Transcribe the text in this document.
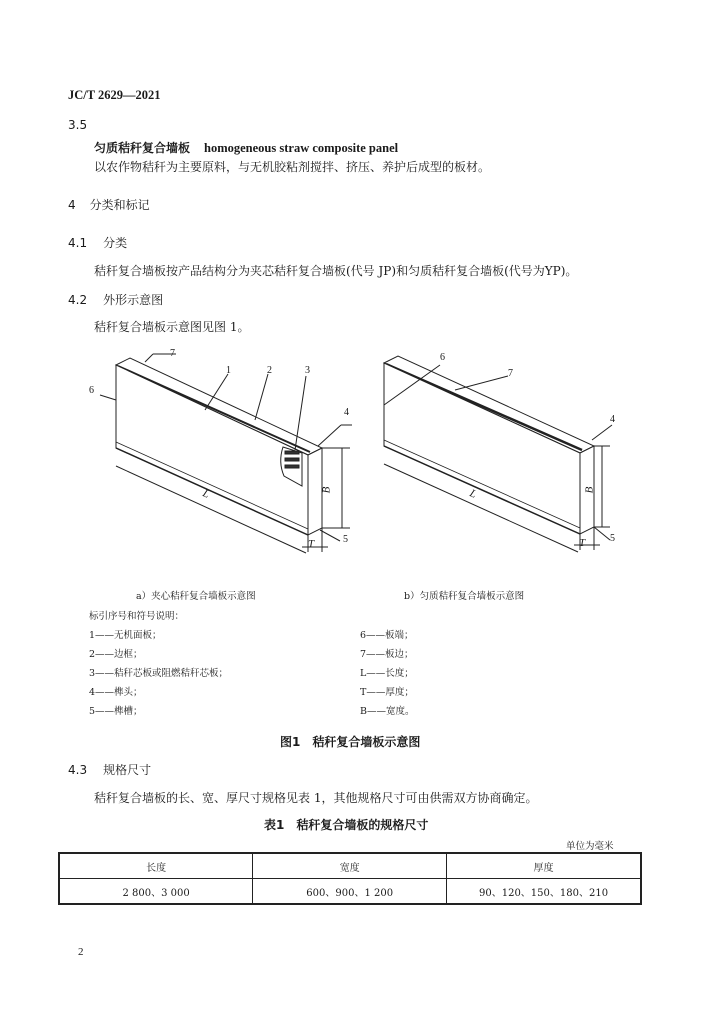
JC/T 2629—2021
3.5
匀质秸秆复合墙板 homogeneous straw composite panel
以农作物秸秆为主要原料，与无机胶粘剂搅拌、挤压、养护后成型的板材。
4 分类和标记
4.1 分类
秸秆复合墙板按产品结构分为夹芯秸秆复合墙板(代号 JP)和匀质秸秆复合墙板(代号为YP)。
4.2 外形示意图
秸秆复合墙板示意图见图 1。
7
6
1	2	3
4
5
L	B
T
6
7
4
5
L	B
T
a）夹心秸秆复合墙板示意图	b）匀质秸秆复合墙板示意图
标引序号和符号说明：
1——无机面板；
2——边框；
3——秸秆芯板或阻燃秸秆芯板；
4——榫头；
5——榫槽；
6——板端；
7——板边；
L——长度；
T——厚度；
B——宽度。
图1　秸秆复合墙板示意图
4.3 规格尺寸
秸秆复合墙板的长、宽、厚尺寸规格见表 1，其他规格尺寸可由供需双方协商确定。
表1　秸秆复合墙板的规格尺寸
单位为毫米
长度	宽度	厚度
2 800、3 000	600、900、1 200	90、120、150、180、210
2
